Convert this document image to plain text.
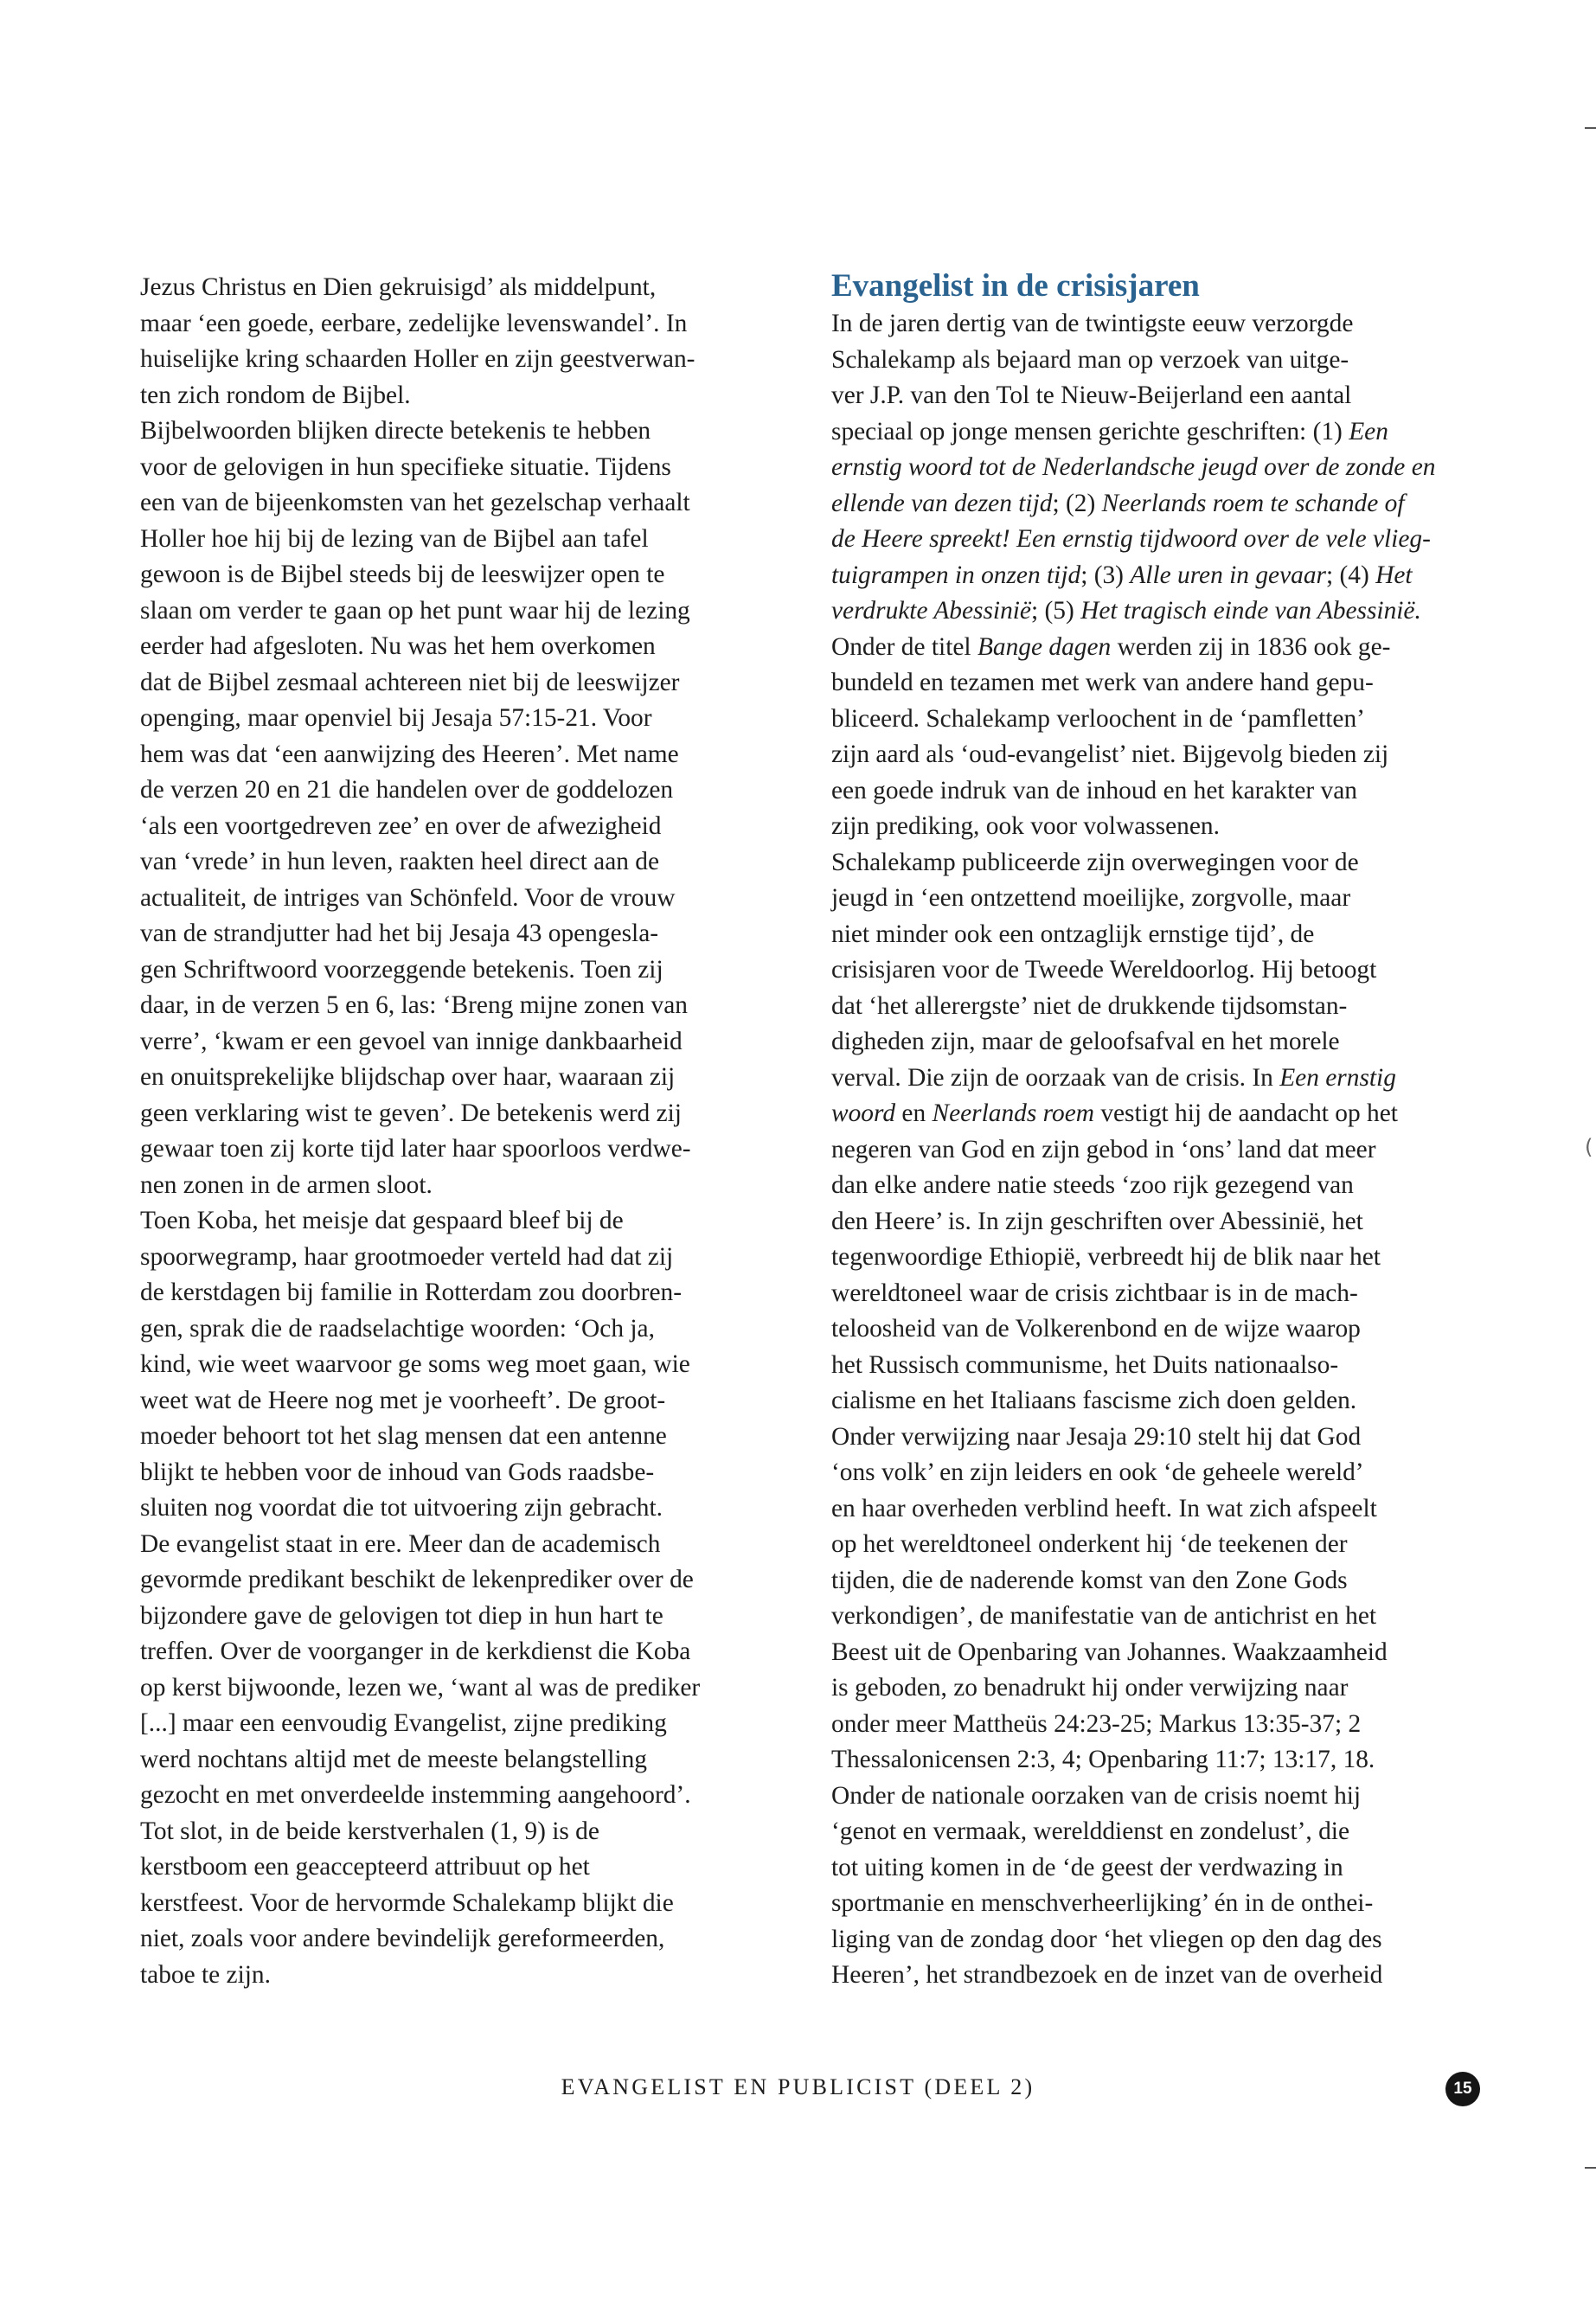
Jezus Christus en Dien gekruisigd’ als middelpunt,
maar ‘een goede, eerbare, zedelijke levenswandel’. In
huiselijke kring schaarden Holler en zijn geestverwan-
ten zich rondom de Bijbel.
Bijbelwoorden blijken directe betekenis te hebben
voor de gelovigen in hun specifieke situatie. Tijdens
een van de bijeenkomsten van het gezelschap verhaalt
Holler hoe hij bij de lezing van de Bijbel aan tafel
gewoon is de Bijbel steeds bij de leeswijzer open te
slaan om verder te gaan op het punt waar hij de lezing
eerder had afgesloten. Nu was het hem overkomen
dat de Bijbel zesmaal achtereen niet bij de leeswijzer
openging, maar openviel bij Jesaja 57:15-21. Voor
hem was dat ‘een aanwijzing des Heeren’. Met name
de verzen 20 en 21 die handelen over de goddelozen
‘als een voortgedreven zee’ en over de afwezigheid
van ‘vrede’ in hun leven, raakten heel direct aan de
actualiteit, de intriges van Schönfeld. Voor de vrouw
van de strandjutter had het bij Jesaja 43 opengesla-
gen Schriftwoord voorzeggende betekenis. Toen zij
daar, in de verzen 5 en 6, las: ‘Breng mijne zonen van
verre’, ‘kwam er een gevoel van innige dankbaarheid
en onuitsprekelijke blijdschap over haar, waaraan zij
geen verklaring wist te geven’. De betekenis werd zij
gewaar toen zij korte tijd later haar spoorloos verdwe-
nen zonen in de armen sloot.
Toen Koba, het meisje dat gespaard bleef bij de
spoorwegramp, haar grootmoeder verteld had dat zij
de kerstdagen bij familie in Rotterdam zou doorbren-
gen, sprak die de raadselachtige woorden: ‘Och ja,
kind, wie weet waarvoor ge soms weg moet gaan, wie
weet wat de Heere nog met je voorheeft’. De groot-
moeder behoort tot het slag mensen dat een antenne
blijkt te hebben voor de inhoud van Gods raadsbe-
sluiten nog voordat die tot uitvoering zijn gebracht.
De evangelist staat in ere. Meer dan de academisch
gevormde predikant beschikt de lekenprediker over de
bijzondere gave de gelovigen tot diep in hun hart te
treffen. Over de voorganger in de kerkdienst die Koba
op kerst bijwoonde, lezen we, ‘want al was de prediker
[...] maar een eenvoudig Evangelist, zijne prediking
werd nochtans altijd met de meeste belangstelling
gezocht en met onverdeelde instemming aangehoord’.
Tot slot, in de beide kerstverhalen (1, 9) is de
kerstboom een geaccepteerd attribuut op het
kerstfeest. Voor de hervormde Schalekamp blijkt die
niet, zoals voor andere bevindelijk gereformeerden,
taboe te zijn.
Evangelist in de crisisjaren
In de jaren dertig van de twintigste eeuw verzorgde
Schalekamp als bejaard man op verzoek van uitge-
ver J.P. van den Tol te Nieuw-Beijerland een aantal
speciaal op jonge mensen gerichte geschriften: (1) Een
ernstig woord tot de Nederlandsche jeugd over de zonde en
ellende van dezen tijd; (2) Neerlands roem te schande of
de Heere spreekt! Een ernstig tijdwoord over de vele vlieg-
tuigrampen in onzen tijd; (3) Alle uren in gevaar; (4) Het
verdrukte Abessinië; (5) Het tragisch einde van Abessinië.
Onder de titel Bange dagen werden zij in 1836 ook ge-
bundeld en tezamen met werk van andere hand gepu-
bliceerd. Schalekamp verloochent in de ‘pamfletten’
zijn aard als ‘oud-evangelist’ niet. Bijgevolg bieden zij
een goede indruk van de inhoud en het karakter van
zijn prediking, ook voor volwassenen.
Schalekamp publiceerde zijn overwegingen voor de
jeugd in ‘een ontzettend moeilijke, zorgvolle, maar
niet minder ook een ontzaglijk ernstige tijd’, de
crisisjaren voor de Tweede Wereldoorlog. Hij betoogt
dat ‘het allerergste’ niet de drukkende tijdsomstan-
digheden zijn, maar de geloofsafval en het morele
verval. Die zijn de oorzaak van de crisis. In Een ernstig
woord en Neerlands roem vestigt hij de aandacht op het
negeren van God en zijn gebod in ‘ons’ land dat meer
dan elke andere natie steeds ‘zoo rijk gezegend van
den Heere’ is. In zijn geschriften over Abessinië, het
tegenwoordige Ethiopië, verbreedt hij de blik naar het
wereldtoneel waar de crisis zichtbaar is in de mach-
teloosheid van de Volkerenbond en de wijze waarop
het Russisch communisme, het Duits nationaalso-
cialisme en het Italiaans fascisme zich doen gelden.
Onder verwijzing naar Jesaja 29:10 stelt hij dat God
‘ons volk’ en zijn leiders en ook ‘de geheele wereld’
en haar overheden verblind heeft. In wat zich afspeelt
op het wereldtoneel onderkent hij ‘de teekenen der
tijden, die de naderende komst van den Zone Gods
verkondigen’, de manifestatie van de antichrist en het
Beest uit de Openbaring van Johannes. Waakzaamheid
is geboden, zo benadrukt hij onder verwijzing naar
onder meer Mattheüs 24:23-25; Markus 13:35-37; 2
Thessalonicensen 2:3, 4; Openbaring 11:7; 13:17, 18.
Onder de nationale oorzaken van de crisis noemt hij
‘genot en vermaak, werelddienst en zondelust’, die
tot uiting komen in de ‘de geest der verdwazing in
sportmanie en menschverheerlijking’ én in de onthei-
liging van de zondag door ‘het vliegen op den dag des
Heeren’, het strandbezoek en de inzet van de overheid
EVANGELIST EN PUBLICIST (DEEL 2)	15
(
